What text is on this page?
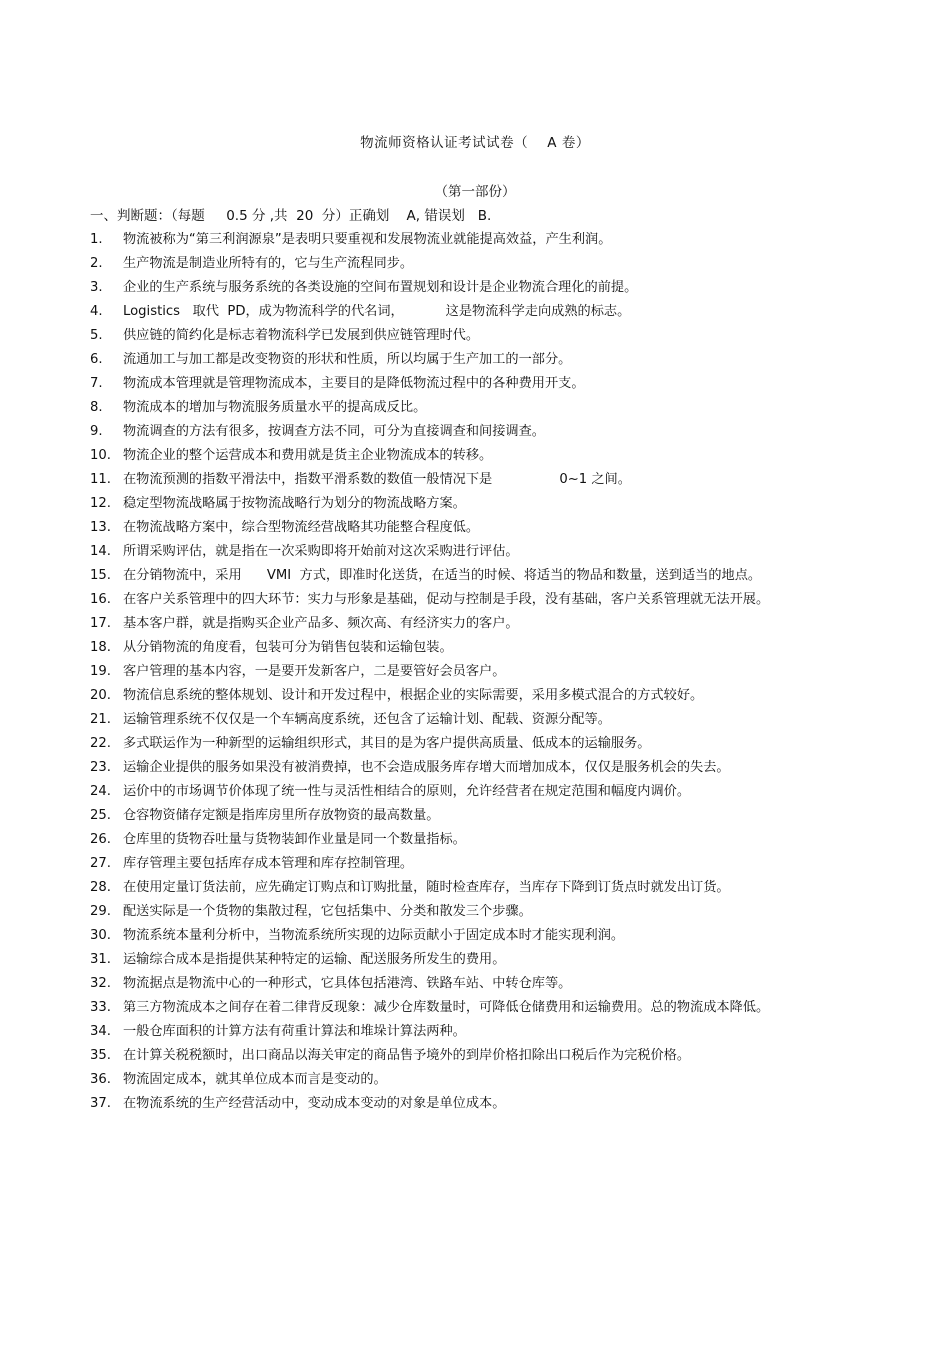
物流师资格认证考试试卷（    A 卷）
（第一部份）
一、判断题：（每题     0.5 分 ,共  20  分）正确划    A, 错误划   B.
1.	物流被称为“第三利润源泉”是表明只要重视和发展物流业就能提高效益，产生利润。
2.	生产物流是制造业所特有的，它与生产流程同步。
3.	企业的生产系统与服务系统的各类设施的空间布置规划和设计是企业物流合理化的前提。
4.	Logistics   取代  PD，成为物流科学的代名词，          这是物流科学走向成熟的标志。
5.	供应链的简约化是标志着物流科学已发展到供应链管理时代。
6.	流通加工与加工都是改变物资的形状和性质，所以均属于生产加工的一部分。
7.	物流成本管理就是管理物流成本，主要目的是降低物流过程中的各种费用开支。
8.	物流成本的增加与物流服务质量水平的提高成反比。
9.	物流调查的方法有很多，按调查方法不同，可分为直接调查和间接调查。
10. 物流企业的整个运营成本和费用就是货主企业物流成本的转移。
11. 在物流预测的指数平滑法中，指数平滑系数的数值一般情况下是                0~1 之间。
12. 稳定型物流战略属于按物流战略行为划分的物流战略方案。
13. 在物流战略方案中，综合型物流经营战略其功能整合程度低。
14. 所谓采购评估，就是指在一次采购即将开始前对这次采购进行评估。
15. 在分销物流中，采用      VMI  方式，即准时化送货，在适当的时候、将适当的物品和数量，送到适当的地点。
16. 在客户关系管理中的四大环节：实力与形象是基础，促动与控制是手段，没有基础，客户关系管理就无法开展。
17. 基本客户群，就是指购买企业产品多、频次高、有经济实力的客户。
18. 从分销物流的角度看，包装可分为销售包装和运输包装。
19. 客户管理的基本内容，一是要开发新客户，二是要管好会员客户。
20. 物流信息系统的整体规划、设计和开发过程中，根据企业的实际需要，采用多模式混合的方式较好。
21. 运输管理系统不仅仅是一个车辆高度系统，还包含了运输计划、配载、资源分配等。
22. 多式联运作为一种新型的运输组织形式，其目的是为客户提供高质量、低成本的运输服务。
23. 运输企业提供的服务如果没有被消费掉，也不会造成服务库存增大而增加成本，仅仅是服务机会的失去。
24. 运价中的市场调节价体现了统一性与灵活性相结合的原则，允许经营者在规定范围和幅度内调价。
25. 仓容物资储存定额是指库房里所存放物资的最高数量。
26. 仓库里的货物吞吐量与货物装卸作业量是同一个数量指标。
27. 库存管理主要包括库存成本管理和库存控制管理。
28. 在使用定量订货法前，应先确定订购点和订购批量，随时检查库存，当库存下降到订货点时就发出订货。
29. 配送实际是一个货物的集散过程，它包括集中、分类和散发三个步骤。
30. 物流系统本量利分析中，当物流系统所实现的边际贡献小于固定成本时才能实现利润。
31. 运输综合成本是指提供某种特定的运输、配送服务所发生的费用。
32. 物流据点是物流中心的一种形式，它具体包括港湾、铁路车站、中转仓库等。
33. 第三方物流成本之间存在着二律背反现象：减少仓库数量时，可降低仓储费用和运输费用。总的物流成本降低。
34. 一般仓库面积的计算方法有荷重计算法和堆垛计算法两种。
35. 在计算关税税额时，出口商品以海关审定的商品售予境外的到岸价格扣除出口税后作为完税价格。
36. 物流固定成本，就其单位成本而言是变动的。
37. 在物流系统的生产经营活动中，变动成本变动的对象是单位成本。
